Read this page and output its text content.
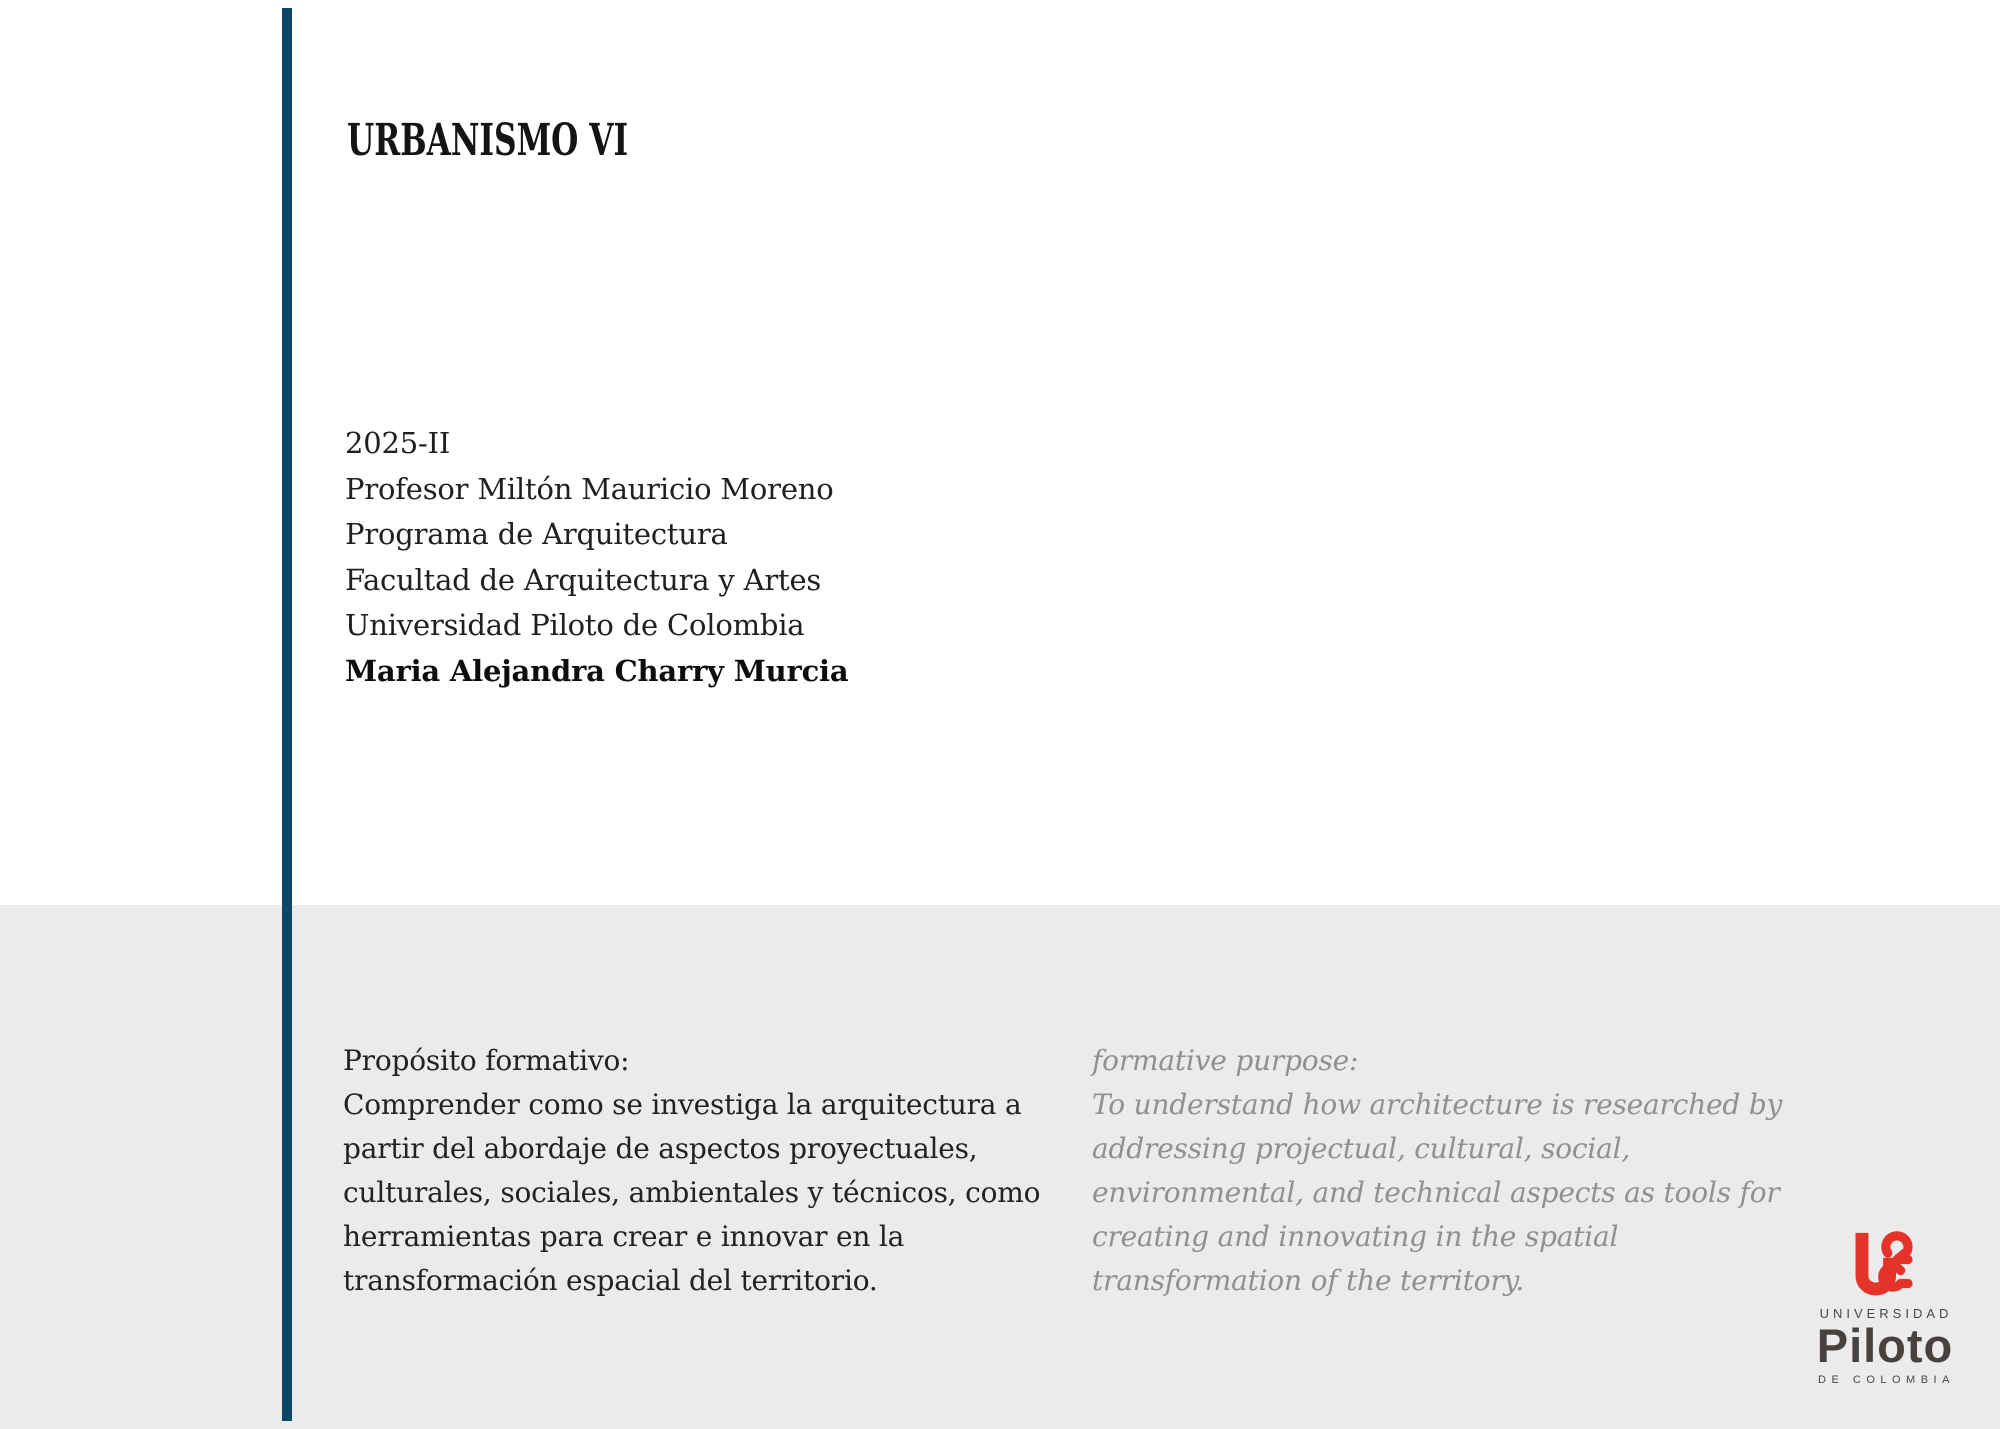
URBANISMO VI
2025-II
Profesor Miltón Mauricio Moreno
Programa de Arquitectura
Facultad de Arquitectura y Artes
Universidad Piloto de Colombia
Maria Alejandra Charry Murcia
Propósito formativo:
Comprender como se investiga la arquitectura a
partir del abordaje de aspectos proyectuales,
culturales, sociales, ambientales y técnicos, como
herramientas para crear e innovar en la
transformación espacial del territorio.
formative purpose:
To understand how architecture is researched by
addressing projectual, cultural, social,
environmental, and technical aspects as tools for
creating and innovating in the spatial
transformation of the territory.
UNIVERSIDAD
Piloto
DE COLOMBIA
